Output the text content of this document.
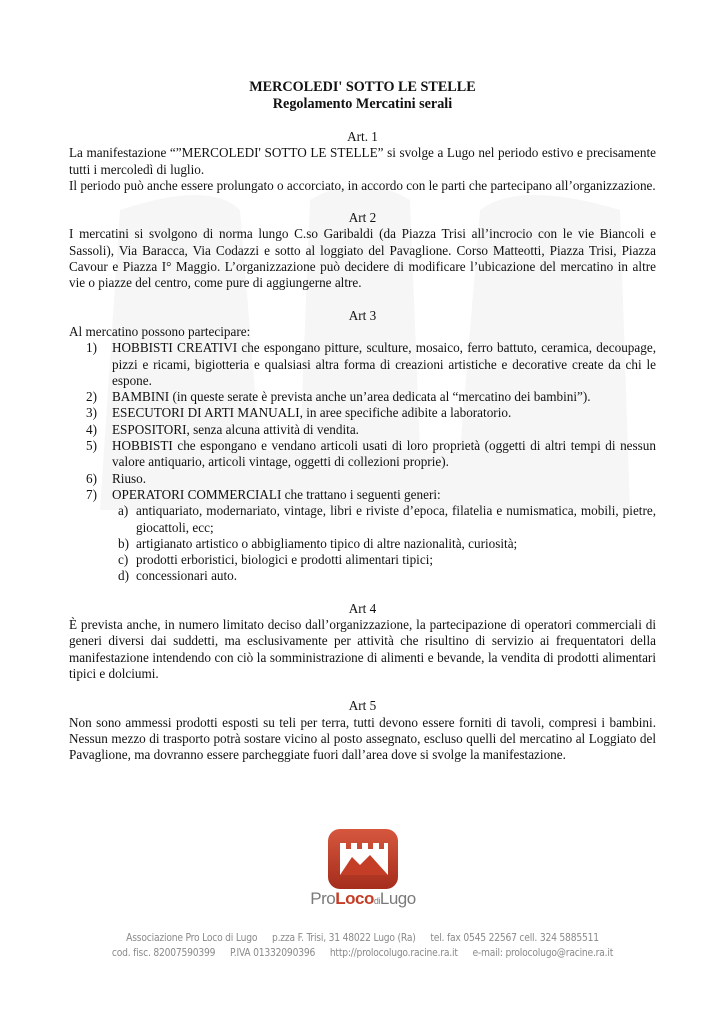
MERCOLEDI' SOTTO LE STELLE
Regolamento Mercatini serali
Art. 1
La manifestazione “”MERCOLEDI' SOTTO LE STELLE” si svolge a Lugo nel periodo estivo e precisamente tutti i mercoledì di luglio.
Il periodo può anche essere prolungato o accorciato, in accordo con le parti che partecipano all’organizzazione.
Art 2
I mercatini si svolgono di norma lungo C.so Garibaldi (da Piazza Trisi all’incrocio con le vie Biancoli e Sassoli), Via Baracca, Via Codazzi e sotto al loggiato del Pavaglione. Corso Matteotti, Piazza Trisi, Piazza Cavour e Piazza I° Maggio. L’organizzazione può decidere di modificare l’ubicazione del mercatino in altre vie o piazze del centro, come pure di aggiungerne altre.
Art 3
Al mercatino possono partecipare:
1) HOBBISTI CREATIVI che espongano pitture, sculture, mosaico, ferro battuto, ceramica, decoupage, pizzi e ricami, bigiotteria e qualsiasi altra forma di creazioni artistiche e decorative create da chi le espone.
2) BAMBINI (in queste serate è prevista anche un’area dedicata al “mercatino dei bambini”).
3) ESECUTORI DI ARTI MANUALI, in aree specifiche adibite a laboratorio.
4) ESPOSITORI, senza alcuna attività di vendita.
5) HOBBISTI che espongano e vendano articoli usati di loro proprietà (oggetti di altri tempi di nessun valore antiquario, articoli vintage, oggetti di collezioni proprie).
6) Riuso.
7) OPERATORI COMMERCIALI che trattano i seguenti generi:
a) antiquariato, modernariato, vintage, libri e riviste d’epoca, filatelia e numismatica, mobili, pietre, giocattoli, ecc;
b) artigianato artistico o abbigliamento tipico di altre nazionalità, curiosità;
c) prodotti erboristici, biologici e prodotti alimentari tipici;
d) concessionari auto.
Art 4
È prevista anche, in numero limitato deciso dall’organizzazione, la partecipazione di operatori commerciali di generi diversi dai suddetti, ma esclusivamente per attività che risultino di servizio ai frequentatori della manifestazione intendendo con ciò la somministrazione di alimenti e bevande, la vendita di prodotti alimentari tipici e dolciumi.
Art 5
Non sono ammessi prodotti esposti su teli per terra, tutti devono essere forniti di tavoli, compresi i bambini. Nessun mezzo di trasporto potrà sostare vicino al posto assegnato, escluso quelli del mercatino al Loggiato del Pavaglione, ma dovranno essere parcheggiate fuori dall’area dove si svolge la manifestazione.
ProLocodiLugo
Associazione Pro Loco di Lugo p.zza F. Trisi, 31 48022 Lugo (Ra) tel. fax 0545 22567 cell. 324 5885511
cod. fisc. 82007590399 P.IVA 01332090396 http://prolocolugo.racine.ra.it e-mail: prolocolugo@racine.ra.it
